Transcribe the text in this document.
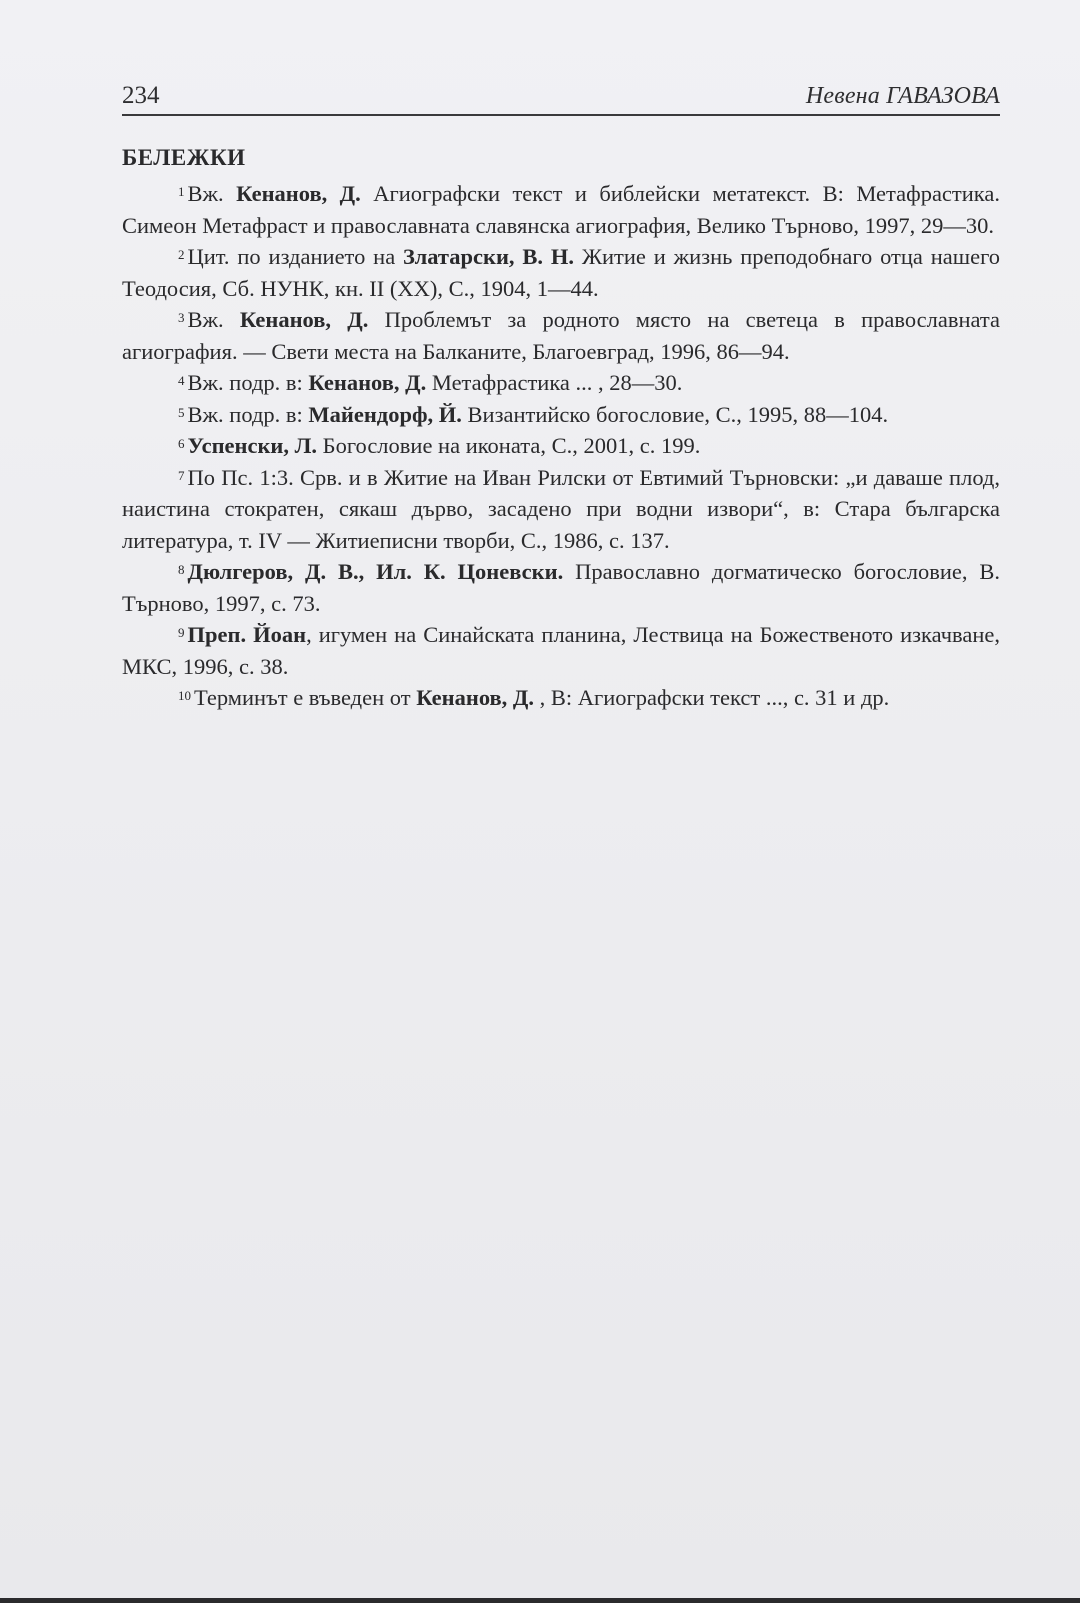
234	Невена ГАВАЗОВА
БЕЛЕЖКИ

$^1$ Вж. Кенанов, Д. Агиографски текст и библейски метатекст. В: Метафрастика. Симеон Метафраст и православната славянска агиография, Велико Търново, 1997, 29—30.

$^2$ Цит. по изданието на Златарски, В. Н. Житие и жизнь преподобнаго отца нашего Теодосия, Сб. НУНК, кн. II (XX), С., 1904, 1—44.

$^3$ Вж. Кенанов, Д. Проблемът за родното място на светеца в православната агиография. — Свети места на Балканите, Благоевград, 1996, 86—94.

$^4$ Вж. подр. в: Кенанов, Д. Метафрастика ... , 28—30.

$^5$ Вж. подр. в: Майендорф, Й. Византийско богословие, С., 1995, 88—104.

$^6$ Успенски, Л. Богословие на иконата, С., 2001, с. 199.

$^7$ По Пс. 1:3. Срв. и в Житие на Иван Рилски от Евтимий Търновски: „и даваше плод, наистина стократен, сякаш дърво, засадено при водни извори“, в: Стара българска литература, т. IV — Житиеписни творби, С., 1986, с. 137.

$^8$ Дюлгеров, Д. В., Ил. К. Цоневски. Православно догматическо богословие, В. Търново, 1997, с. 73.

$^9$ Преп. Йоан, игумен на Синайската планина, Лествица на Божественото изкачване, МКС, 1996, с. 38.

$^{10}$ Терминът е въведен от Кенанов, Д. , В: Агиографски текст ..., с. 31 и др.
